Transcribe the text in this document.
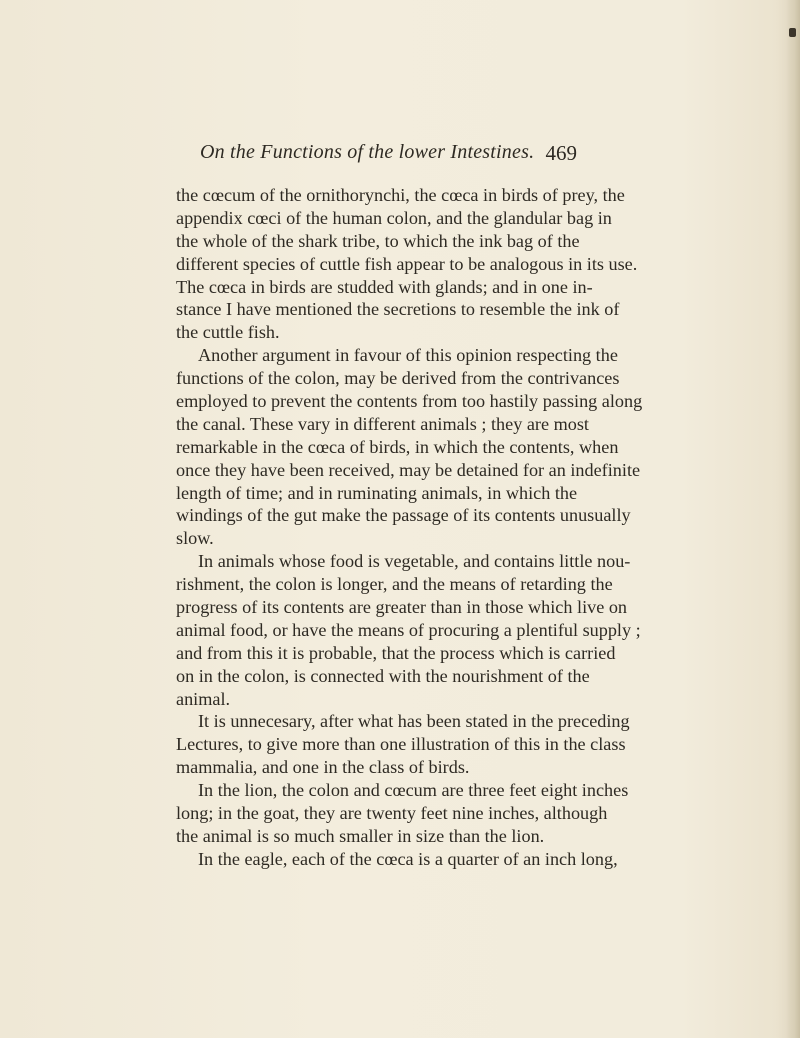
On the Functions of the lower Intestines. 469
the cœcum of the ornithorynchi, the cœca in birds of prey, the
appendix cœci of the human colon, and the glandular bag in
the whole of the shark tribe, to which the ink bag of the
different species of cuttle fish appear to be analogous in its use.
The cœca in birds are studded with glands; and in one in-
stance I have mentioned the secretions to resemble the ink of
the cuttle fish.
Another argument in favour of this opinion respecting the
functions of the colon, may be derived from the contrivances
employed to prevent the contents from too hastily passing along
the canal. These vary in different animals ; they are most
remarkable in the cœca of birds, in which the contents, when
once they have been received, may be detained for an indefinite
length of time; and in ruminating animals, in which the
windings of the gut make the passage of its contents unusually
slow.
In animals whose food is vegetable, and contains little nou-
rishment, the colon is longer, and the means of retarding the
progress of its contents are greater than in those which live on
animal food, or have the means of procuring a plentiful supply ;
and from this it is probable, that the process which is carried
on in the colon, is connected with the nourishment of the
animal.
It is unnecesary, after what has been stated in the preceding
Lectures, to give more than one illustration of this in the class
mammalia, and one in the class of birds.
In the lion, the colon and cœcum are three feet eight inches
long; in the goat, they are twenty feet nine inches, although
the animal is so much smaller in size than the lion.
In the eagle, each of the cœca is a quarter of an inch long,
